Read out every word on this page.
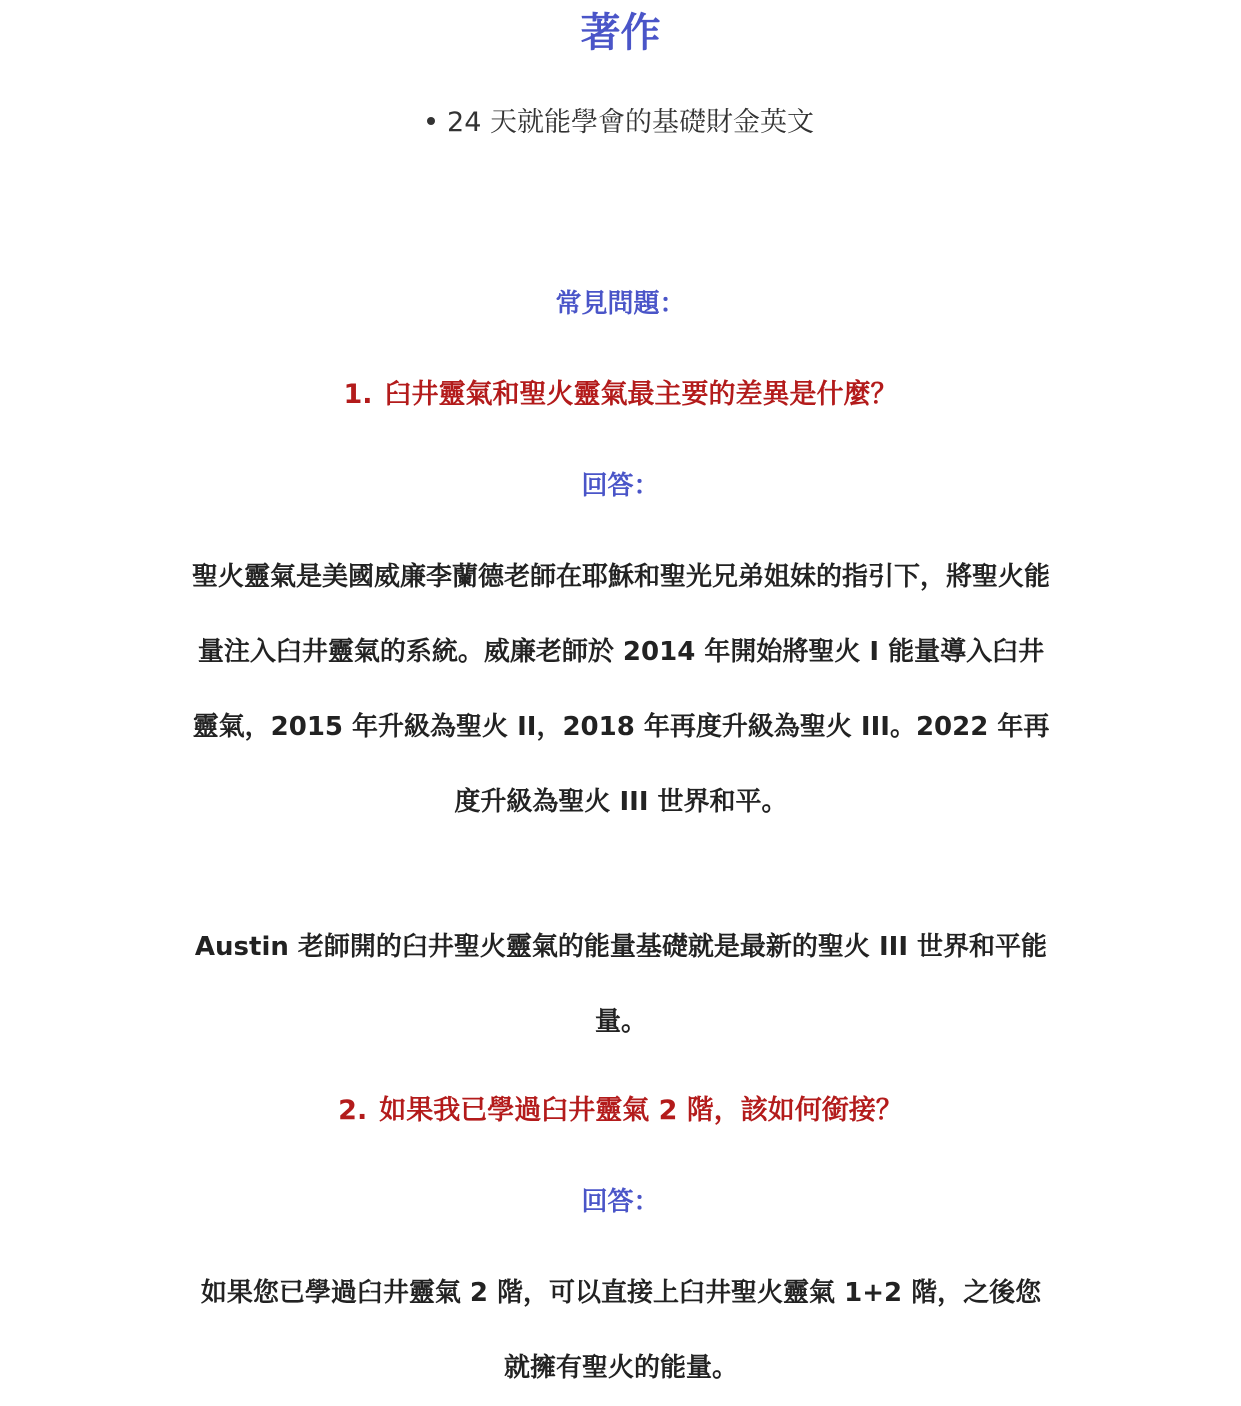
著作
24 天就能學會的基礎財金英文
常見問題：
1. 臼井靈氣和聖火靈氣最主要的差異是什麼？
回答：

聖火靈氣是美國威廉李蘭德老師在耶穌和聖光兄弟姐妹的指引下，將聖火能量注入臼井靈氣的系統。威廉老師於 2014 年開始將聖火 I 能量導入臼井靈氣，2015 年升級為聖火 II，2018 年再度升級為聖火 III。2022 年再度升級為聖火 III 世界和平。

Austin 老師開的臼井聖火靈氣的能量基礎就是最新的聖火 III 世界和平能量。

2. 如果我已學過臼井靈氣 2 階，該如何銜接？
回答：

如果您已學過臼井靈氣 2 階，可以直接上臼井聖火靈氣 1+2 階，之後您就擁有聖火的能量。
